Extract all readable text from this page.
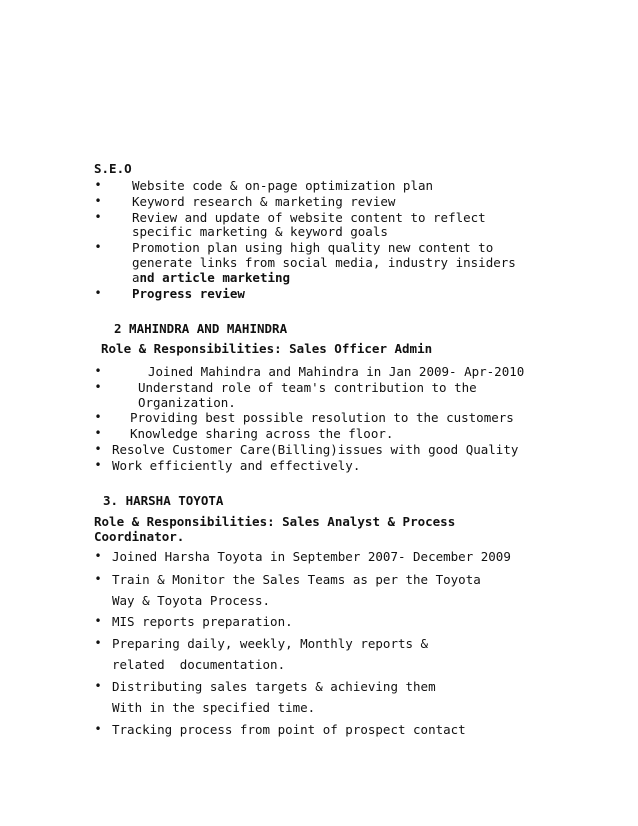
S.E.O
• Website code & on-page optimization plan
• Keyword research & marketing review
• Review and update of website content to reflect
specific marketing & keyword goals
• Promotion plan using high quality new content to
generate links from social media, industry insiders
and article marketing
• Progress review
2 MAHINDRA AND MAHINDRA
Role & Responsibilities: Sales Officer Admin
•	Joined Mahindra and Mahindra in Jan 2009- Apr-2010
•	Understand role of team's contribution to the
Organization.
• Providing best possible resolution to the customers
• Knowledge sharing across the floor.
• Resolve Customer Care(Billing)issues with good Quality
• Work efficiently and effectively.
3. HARSHA TOYOTA
Role & Responsibilities: Sales Analyst & Process
Coordinator.
• Joined Harsha Toyota in September 2007- December 2009
• Train & Monitor the Sales Teams as per the Toyota
Way & Toyota Process.
• MIS reports preparation.
• Preparing daily, weekly, Monthly reports &
related  documentation.
• Distributing sales targets & achieving them
With in the specified time.
• Tracking process from point of prospect contact
